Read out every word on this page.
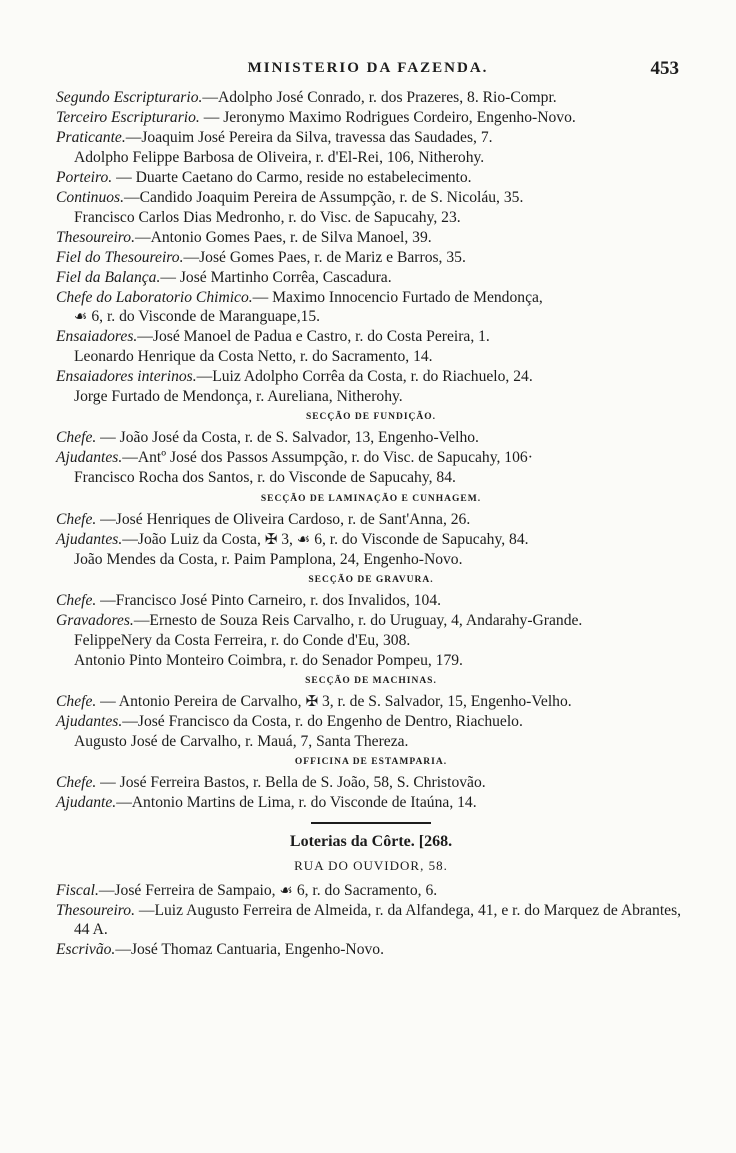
MINISTERIO DA FAZENDA.	453
Segundo Escripturario.—Adolpho José Conrado, r. dos Prazeres, 8. Rio-Compr.
Terceiro Escripturario. — Jeronymo Maximo Rodrigues Cordeiro, Engenho-Novo.
Praticante.—Joaquim José Pereira da Silva, travessa das Saudades, 7.
Adolpho Felippe Barbosa de Oliveira, r. d'El-Rei, 106, Nitherohy.
Porteiro. — Duarte Caetano do Carmo, reside no estabelecimento.
Continuos.—Candido Joaquim Pereira de Assumpção, r. de S. Nicoláu, 35.
Francisco Carlos Dias Medronho, r. do Visc. de Sapucahy, 23.
Thesoureiro.—Antonio Gomes Paes, r. de Silva Manoel, 39.
Fiel do Thesoureiro.—José Gomes Paes, r. de Mariz e Barros, 35.
Fiel da Balança.— José Martinho Corrêa, Cascadura.
Chefe do Laboratorio Chimico.— Maximo Innocencio Furtado de Mendonça,
☙ 6, r. do Visconde de Maranguape,15.
Ensaiadores.—José Manoel de Padua e Castro, r. do Costa Pereira, 1.
Leonardo Henrique da Costa Netto, r. do Sacramento, 14.
Ensaiadores interinos.—Luiz Adolpho Corrêa da Costa, r. do Riachuelo, 24.
Jorge Furtado de Mendonça, r. Aureliana, Nitherohy.
SECÇÃO DE FUNDIÇÃO.
Chefe. — João José da Costa, r. de S. Salvador, 13, Engenho-Velho.
Ajudantes.—Antº José dos Passos Assumpção, r. do Visc. de Sapucahy, 106·
Francisco Rocha dos Santos, r. do Visconde de Sapucahy, 84.
SECÇÃO DE LAMINAÇÃO E CUNHAGEM.
Chefe. —José Henriques de Oliveira Cardoso, r. de Sant'Anna, 26.
Ajudantes.—João Luiz da Costa, ✠ 3, ☙ 6, r. do Visconde de Sapucahy, 84.
João Mendes da Costa, r. Paim Pamplona, 24, Engenho-Novo.
SECÇÃO DE GRAVURA.
Chefe. —Francisco José Pinto Carneiro, r. dos Invalidos, 104.
Gravadores.—Ernesto de Souza Reis Carvalho, r. do Uruguay, 4, Andarahy-Grande.
FelippeNery da Costa Ferreira, r. do Conde d'Eu, 308.
Antonio Pinto Monteiro Coimbra, r. do Senador Pompeu, 179.
SECÇÃO DE MACHINAS.
Chefe. — Antonio Pereira de Carvalho, ✠ 3, r. de S. Salvador, 15, Engenho-Velho.
Ajudantes.—José Francisco da Costa, r. do Engenho de Dentro, Riachuelo.
Augusto José de Carvalho, r. Mauá, 7, Santa Thereza.
OFFICINA DE ESTAMPARIA.
Chefe. — José Ferreira Bastos, r. Bella de S. João, 58, S. Christovão.
Ajudante.—Antonio Martins de Lima, r. do Visconde de Itaúna, 14.
Loterias da Côrte. [268.
RUA DO OUVIDOR, 58.
Fiscal.—José Ferreira de Sampaio, ☙ 6, r. do Sacramento, 6.
Thesoureiro. —Luiz Augusto Ferreira de Almeida, r. da Alfandega, 41, e r. do Marquez de Abrantes, 44 A.
Escrivão.—José Thomaz Cantuaria, Engenho-Novo.
